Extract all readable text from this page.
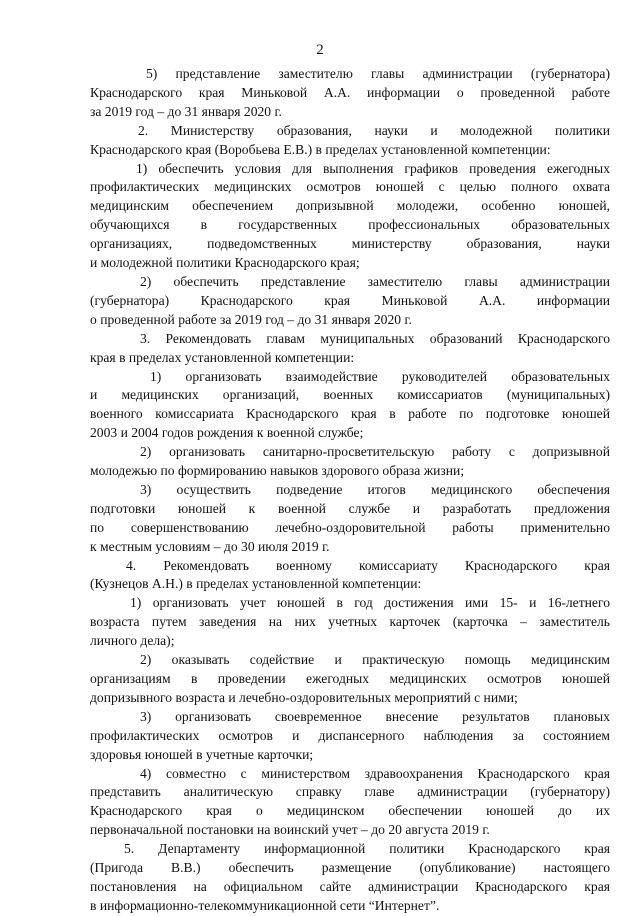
2
5) представление заместителю главы администрации (губернатора)
Краснодарского края Миньковой А.А. информации о проведенной работе
за 2019 год – до 31 января 2020 г.
2. Министерству образования, науки и молодежной политики
Краснодарского края (Воробьева Е.В.) в пределах установленной компетенции:
1) обеспечить условия для выполнения графиков проведения ежегодных
профилактических медицинских осмотров юношей с целью полного охвата
медицинским обеспечением допризывной молодежи, особенно юношей,
обучающихся в государственных профессиональных образовательных
организациях, подведомственных министерству образования, науки
и молодежной политики Краснодарского края;
2) обеспечить представление заместителю главы администрации
(губернатора) Краснодарского края Миньковой А.А. информации
о проведенной работе за 2019 год – до 31 января 2020 г.
3. Рекомендовать главам муниципальных образований Краснодарского
края в пределах установленной компетенции:
1) организовать взаимодействие руководителей образовательных
и медицинских организаций, военных комиссариатов (муниципальных)
военного комиссариата Краснодарского края в работе по подготовке юношей
2003 и 2004 годов рождения к военной службе;
2) организовать санитарно-просветительскую работу с допризывной
молодежью по формированию навыков здорового образа жизни;
3) осуществить подведение итогов медицинского обеспечения
подготовки юношей к военной службе и разработать предложения
по совершенствованию лечебно-оздоровительной работы применительно
к местным условиям – до 30 июля 2019 г.
4. Рекомендовать военному комиссариату Краснодарского края
(Кузнецов А.Н.) в пределах установленной компетенции:
1) организовать учет юношей в год достижения ими 15- и 16-летнего
возраста путем заведения на них учетных карточек (карточка – заместитель
личного дела);
2) оказывать содействие и практическую помощь медицинским
организациям в проведении ежегодных медицинских осмотров юношей
допризывного возраста и лечебно-оздоровительных мероприятий с ними;
3) организовать своевременное внесение результатов плановых
профилактических осмотров и диспансерного наблюдения за состоянием
здоровья юношей в учетные карточки;
4) совместно с министерством здравоохранения Краснодарского края
представить аналитическую справку главе администрации (губернатору)
Краснодарского края о медицинском обеспечении юношей до их
первоначальной постановки на воинский учет – до 20 августа 2019 г.
5. Департаменту информационной политики Краснодарского края
(Пригода В.В.) обеспечить размещение (опубликование) настоящего
постановления на официальном сайте администрации Краснодарского края
в информационно-телекоммуникационной сети “Интернет”.
